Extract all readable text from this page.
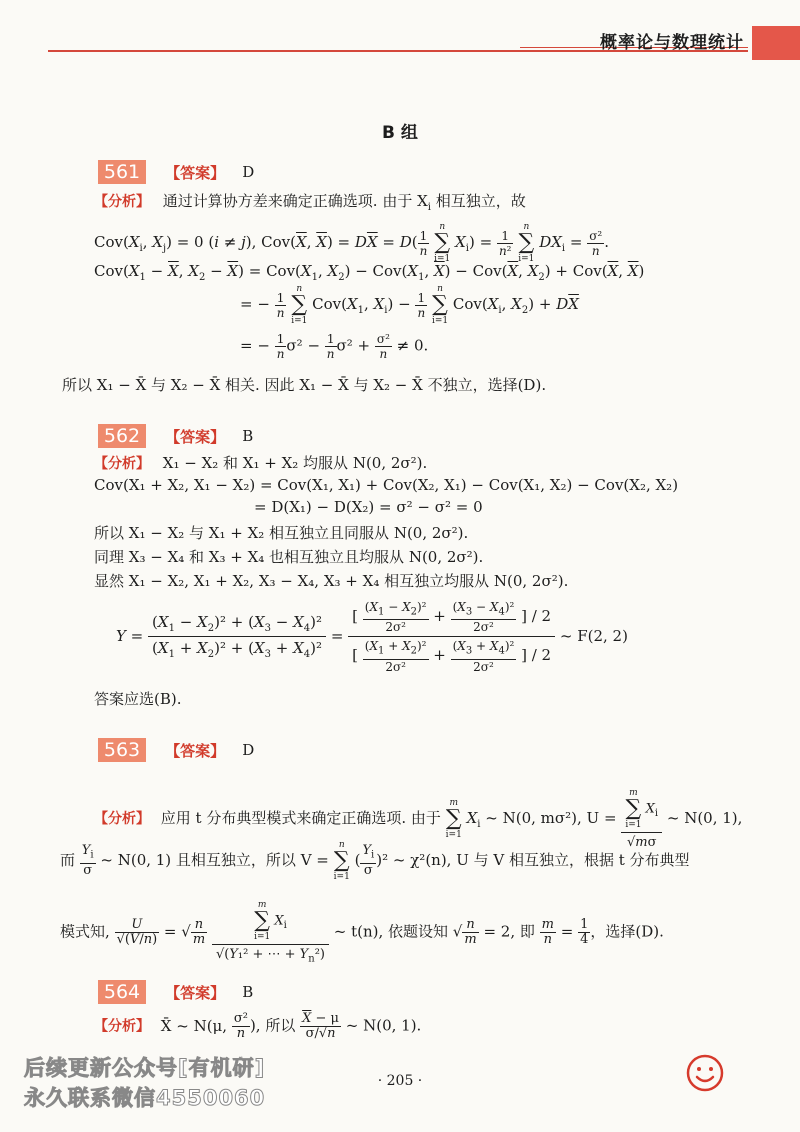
概率论与数理统计
B 组
561 【答案】 D
【分析】 通过计算协方差来确定正确选项. 由于 $X_i$ 相互独立，故
$Cov(X_i$, $X_j) = 0$ (i ≠ j), $Cov(\overline{X}$, $\overline{X}) = D\overline{X} = D( \frac{1}{n}$
n
∑
i=1 $X_i) = \frac{1}{\text{n²}}$
n
∑
i=1 $DX_i = \frac{\text{σ²}}{n}$ .
$Cov(X_1 - \overline{X}$, $X_2 - \overline{X}) = Cov(X_1$, $X_2) - Cov(X_1$, $\overline{X}) - Cov(\overline{X}$, $X_2) + Cov(\overline{X}$, $\overline{X}$)
= − $\frac{1}{n}$
n
∑
i=1 $Cov(X_1$, $X_i) - \frac{1}{n}$
n
∑
i=1 $Cov(X_i$, $X_2) + D\overline{X}$
= − $\frac{1}{n} \sigma^2 - \frac{1}{n} \sigma^2 + \frac{\text{σ²}}{n} \ne 0$.
所以 X₁ − X̄ 与 X₂ − X̄ 相关. 因此 X₁ − X̄ 与 X₂ − X̄ 不独立，选择(D).
562 【答案】 B
【分析】 X₁ − X₂ 和 X₁ + X₂ 均服从 N(0, 2σ²).
Cov(X₁ + X₂, X₁ − X₂) = Cov(X₁, X₁) + Cov(X₂, X₁) − Cov(X₁, X₂) − Cov(X₂, X₂)
= D(X₁) − D(X₂) = σ² − σ² = 0
所以 X₁ − X₂ 与 X₁ + X₂ 相互独立且同服从 N(0, 2σ²).
同理 X₃ − X₄ 和 X₃ + X₄ 也相互独立且均服从 N(0, 2σ²).
显然 X₁ − X₂, X₁ + X₂, X₃ − X₄, X₃ + X₄ 相互独立均服从 N(0, 2σ²).
$Y = \frac{(X_1 - X_2)^2 + (X_3 - X_4)^2}{(X_1 + X_2)^2 + (X_3 + X_4)^2} = \frac{[ \frac{(X_1 - X_2)^2}{\text{2σ²}} + \frac{(X_3 - X_4)^2}{\text{2σ²}} ] / 2}{[ \frac{(X_1 + X_2)^2}{\text{2σ²}} + \frac{(X_3 + X_4)^2}{\text{2σ²}} ] / 2}$ ~ F(2, 2)
答案应选(B).
563 【答案】 D
【分析】 应用 t 分布典型模式来确定正确选项. 由于 m
∑
i=1 $X_i$ ~ N(0, mσ²), U = m
∑
i=1 $X_i$
√mσ ~ N(0, 1),
而 $\frac{Y_i}{\sigma}$ ~ N(0, 1) 且相互独立，所以 V = n
∑
i=1 ( $\frac{Y_i}{\sigma} )^2$ ~ χ²(n), U 与 V 相互独立，根据 t 分布典型
模式知, $\frac{U}{√(V/n)}$ = √ $\frac{n}{m}$
m
∑
i=1 $X_i$
√(Y₁² + ⋯ + $Y_n^2$) ~ t(n), 依题设知 √ $\frac{n}{m} = 2$, 即 $\frac{m}{n} = \frac{1}{4}$ ，选择(D).
564 【答案】 B
【分析】 X̄ ~ N(μ, $\frac{\text{σ²}}{n}$ ), 所以 $\frac{\overline{X} - \mu}{\sigma/√n}$ ~ N(0, 1).
· 205 ·
后续更新公众号[有机研]
永久联系微信4550060
